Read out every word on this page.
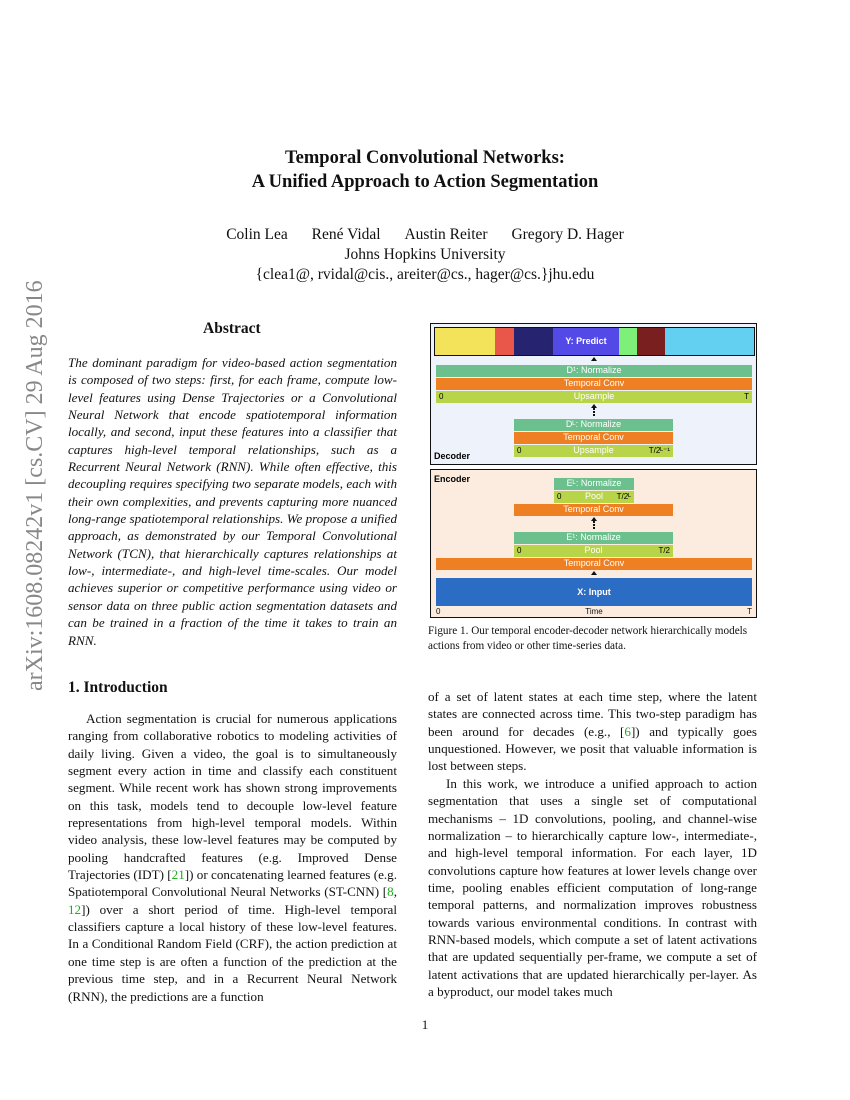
arXiv:1608.08242v1 [cs.CV] 29 Aug 2016
Temporal Convolutional Networks:
A Unified Approach to Action Segmentation
Colin Lea René Vidal Austin Reiter Gregory D. Hager
Johns Hopkins University
{clea1@, rvidal@cis., areiter@cs., hager@cs.}jhu.edu
Abstract

The dominant paradigm for video-based action segmentation is composed of two steps: first, for each frame, compute low-level features using Dense Trajectories or a Convolutional Neural Network that encode spatiotemporal information locally, and second, input these features into a classifier that captures high-level temporal relationships, such as a Recurrent Neural Network (RNN). While often effective, this decoupling requires specifying two separate models, each with their own complexities, and prevents capturing more nuanced long-range spatiotemporal relationships. We propose a unified approach, as demonstrated by our Temporal Convolutional Network (TCN), that hierarchically captures relationships at low-, intermediate-, and high-level time-scales. Our model achieves superior or competitive performance using video or sensor data on three public action segmentation datasets and can be trained in a fraction of the time it takes to train an RNN.

1. Introduction

Action segmentation is crucial for numerous applications ranging from collaborative robotics to modeling activities of daily living. Given a video, the goal is to simultaneously segment every action in time and classify each constituent segment. While recent work has shown strong improvements on this task, models tend to decouple low-level feature representations from high-level temporal models. Within video analysis, these low-level features may be computed by pooling handcrafted features (e.g. Improved Dense Trajectories (IDT) [21]) or concatenating learned features (e.g. Spatiotemporal Convolutional Neural Networks (ST-CNN) [8, 12]) over a short period of time. High-level temporal classifiers capture a local history of these low-level features. In a Conditional Random Field (CRF), the action prediction at one time step is are often a function of the prediction at the previous time step, and in a Recurrent Neural Network (RNN), the predictions are a function

of a set of latent states at each time step, where the latent states are connected across time. This two-step paradigm has been around for decades (e.g., [6]) and typically goes unquestioned. However, we posit that valuable information is lost between steps.

In this work, we introduce a unified approach to action segmentation that uses a single set of computational mechanisms – 1D convolutions, pooling, and channel-wise normalization – to hierarchically capture low-, intermediate-, and high-level temporal information. For each layer, 1D convolutions capture how features at lower levels change over time, pooling enables efficient computation of long-range temporal patterns, and normalization improves robustness towards various environmental conditions. In contrast with RNN-based models, which compute a set of latent activations that are updated sequentially per-frame, we compute a set of latent activations that are updated hierarchically per-layer. As a byproduct, our model takes much

Y: Predict
D¹: Normalize
Temporal Conv
0	Upsample	T
Dᴸ: Normalize
Temporal Conv
0	Upsample	T/2ᴸ⁻¹
Decoder
Encoder	Eᴸ: Normalize
0	Pool T/2ᴸ
Temporal Conv
E¹: Normalize
0	Pool	T/2
Temporal Conv
X: Input
0	Time	T

Figure 1. Our temporal encoder-decoder network hierarchically models actions from video or other time-series data.

1
